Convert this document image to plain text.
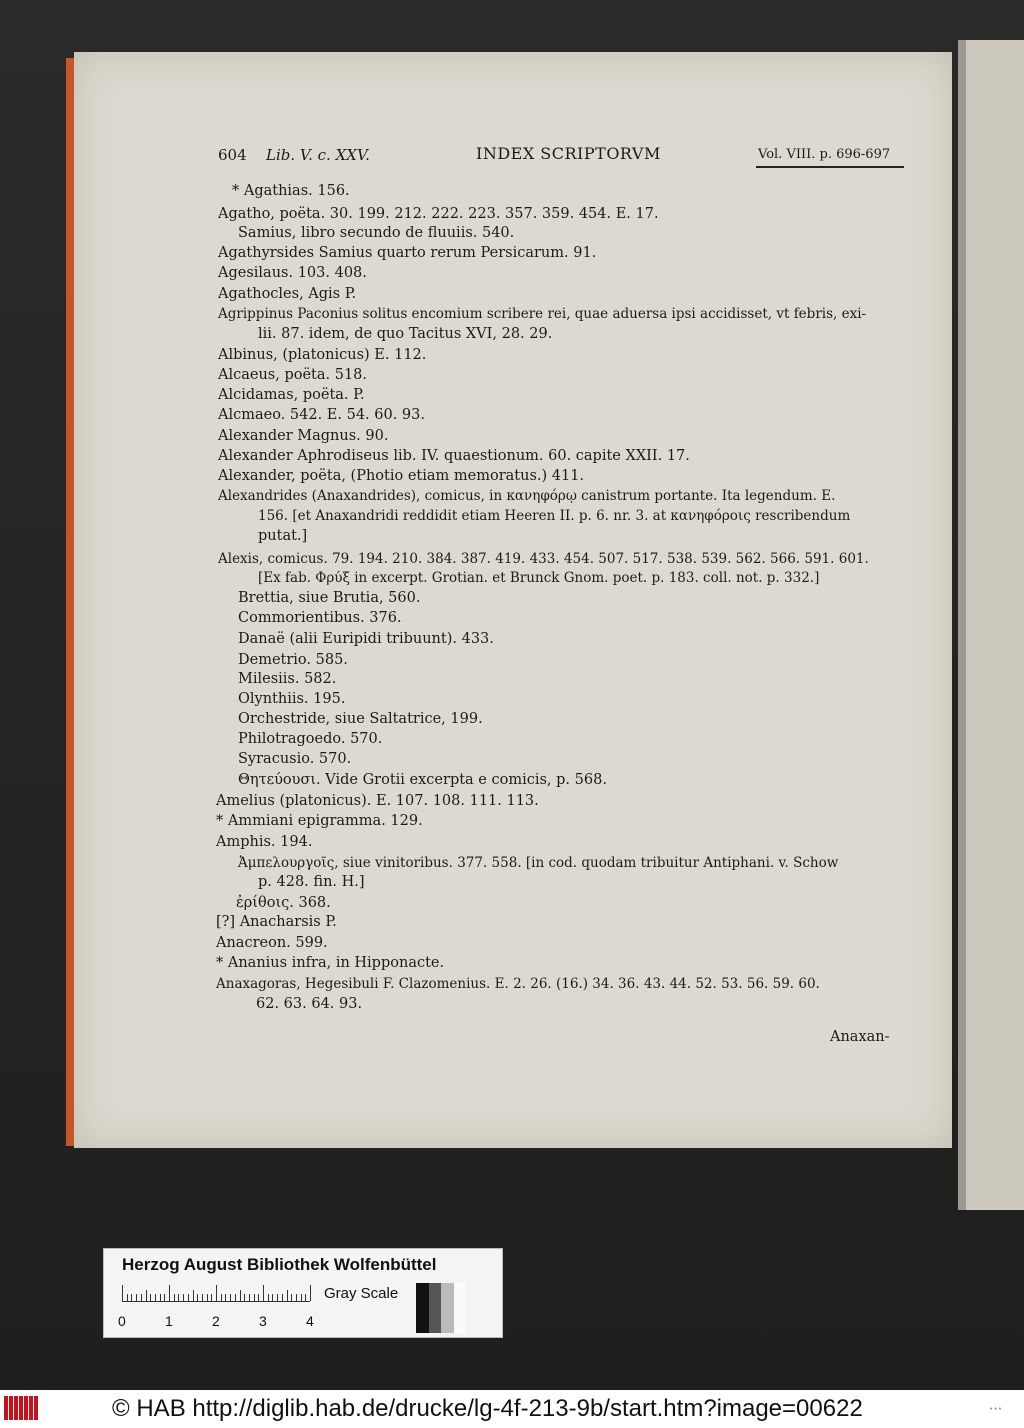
604 Lib. V. c. XXV.	INDEX SCRIPTORVM	Vol. VIII. p. 696-697
* Agathias. 156.
Agatho, poëta. 30. 199. 212. 222. 223. 357. 359. 454. E. 17.
Samius, libro secundo de fluuiis. 540.
Agathyrsides Samius quarto rerum Persicarum. 91.
Agesilaus. 103. 408.
Agathocles, Agis P.
Agrippinus Paconius solitus encomium scribere rei, quae aduersa ipsi accidisset, vt febris, exi-
lii. 87. idem, de quo Tacitus XVI, 28. 29.
Albinus, (platonicus) E. 112.
Alcaeus, poëta. 518.
Alcidamas, poëta. P.
Alcmaeo. 542. E. 54. 60. 93.
Alexander Magnus. 90.
Alexander Aphrodiseus lib. IV. quaestionum. 60. capite XXII. 17.
Alexander, poëta, (Photio etiam memoratus.) 411.
Alexandrides (Anaxandrides), comicus, in κανηφόρῳ canistrum portante. Ita legendum. E.
156. [et Anaxandridi reddidit etiam Heeren II. p. 6. nr. 3. at κανηφόροις rescribendum
putat.]
Alexis, comicus. 79. 194. 210. 384. 387. 419. 433. 454. 507. 517. 538. 539. 562. 566. 591. 601.
[Ex fab. Φρύξ in excerpt. Grotian. et Brunck Gnom. poet. p. 183. coll. not. p. 332.]
Brettia, siue Brutia, 560.
Commorientibus. 376.
Danaë (alii Euripidi tribuunt). 433.
Demetrio. 585.
Milesiis. 582.
Olynthiis. 195.
Orchestride, siue Saltatrice, 199.
Philotragoedo. 570.
Syracusio. 570.
Θητεύουσι. Vide Grotii excerpta e comicis, p. 568.
Amelius (platonicus). E. 107. 108. 111. 113.
* Ammiani epigramma. 129.
Amphis. 194.
Ἀμπελουργοῖς, siue vinitoribus. 377. 558. [in cod. quodam tribuitur Antiphani. v. Schow
p. 428. fin. H.]
ἐρίθοις. 368.
[?] Anacharsis P.
Anacreon. 599.
* Ananius infra, in Hipponacte.
Anaxagoras, Hegesibuli F. Clazomenius. E. 2. 26. (16.) 34. 36. 43. 44. 52. 53. 56. 59. 60.
62. 63. 64. 93.
Anaxan-
Herzog August Bibliothek Wolfenbüttel
0	1	2	3	4
Gray Scale
© HAB http://diglib.hab.de/drucke/lg-4f-213-9b/start.htm?image=00622	• • •
